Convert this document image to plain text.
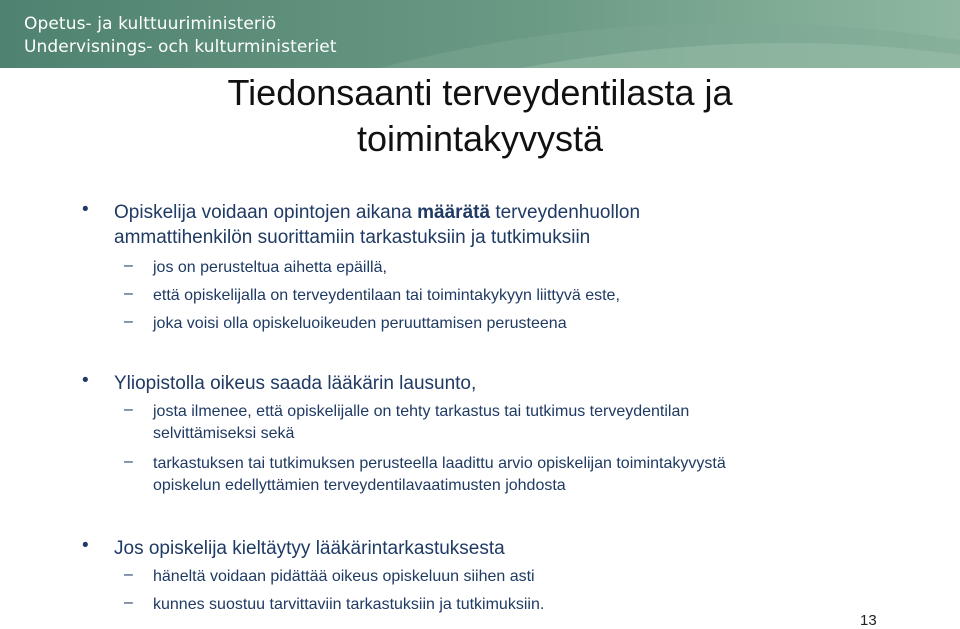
Opetus- ja kulttuuriministeriö
Undervisnings- och kulturministeriet
Tiedonsaanti terveydentilasta ja
toimintakyvystä
• Opiskelija voidaan opintojen aikana määrätä terveydenhuollon
ammattihenkilön suorittamiin tarkastuksiin ja tutkimuksiin
– jos on perusteltua aihetta epäillä,
– että opiskelijalla on terveydentilaan tai toimintakykyyn liittyvä este,
– joka voisi olla opiskeluoikeuden peruuttamisen perusteena
• Yliopistolla oikeus saada lääkärin lausunto,
– josta ilmenee, että opiskelijalle on tehty tarkastus tai tutkimus terveydentilan
selvittämiseksi sekä
– tarkastuksen tai tutkimuksen perusteella laadittu arvio opiskelijan toimintakyvystä
opiskelun edellyttämien terveydentilavaatimusten johdosta
• Jos opiskelija kieltäytyy lääkärintarkastuksesta
– häneltä voidaan pidättää oikeus opiskeluun siihen asti
– kunnes suostuu tarvittaviin tarkastuksiin ja tutkimuksiin.
13
